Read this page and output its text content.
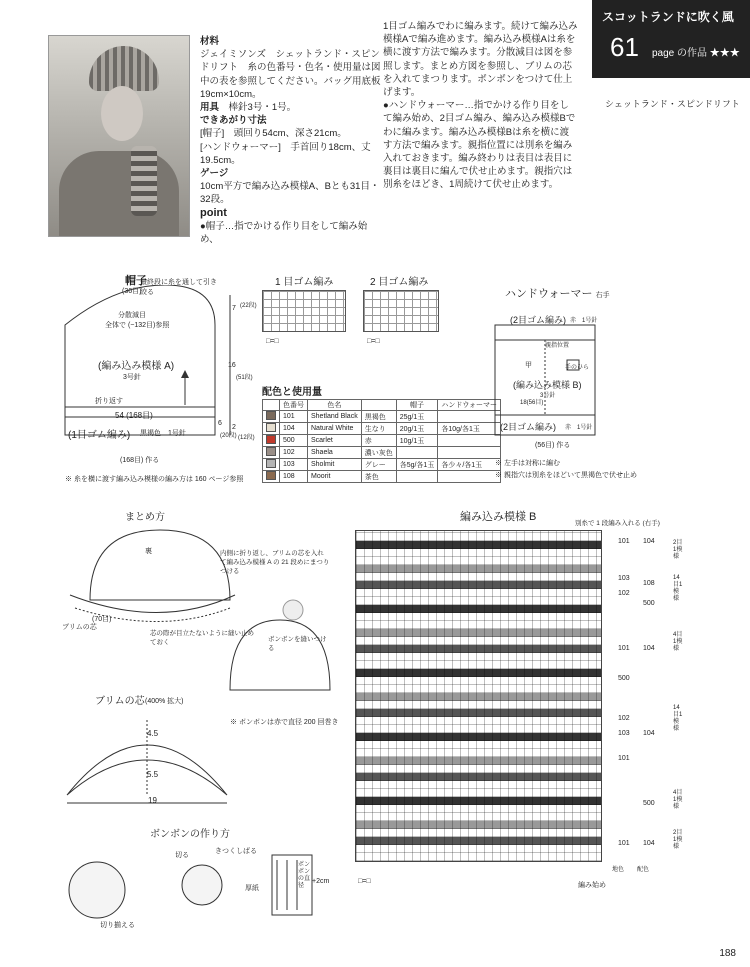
スコットランドに吹く風
61 page の作品 ★★★
シェットランド・スピンドリフト
材料
ジェイミソンズ　シェットランド・スピンドリフト　糸の色番号・色名・使用量は図中の表を参照してください。バッグ用底板19cm×10cm。
用具　 棒針3号・1号。
できあがり寸法
[帽子]　頭回り54cm、深さ21cm。
[ハンドウォーマー]　手首回り18cm、丈19.5cm。
ゲージ
10cm平方で編み込み模様A、Bとも31目・32段。
point
●帽子…指でかける作り目をして編み始め、
1目ゴム編みでわに編みます。続けて編み込み模様Aで編み進めます。編み込み模様Aは糸を横に渡す方法で編みます。分散減目は図を参照します。まとめ方図を参照し、ブリムの芯を入れてまつります。ボンボンをつけて仕上げます。
●ハンドウォーマー…指でかける作り目をして編み始め、2目ゴム編み、編み込み模様Bでわに編みます。編み込み模様Bは糸を横に渡す方法で編みます。親指位置には別糸を編み入れておきます。編み終わりは表目は表目に裏目は裏目に編んで伏せ止めます。親指穴は別糸をほどき、1周続けて伏せ止めます。
帽子
最終段に糸を通して引き絞る
(36目)
分散減目
全体で (−132目)参照
(編み込み模様 A)
3号針
折り返す
54 (168目)
(1目ゴム編み) 黒褐色　1号針
(168目) 作る
7 (22段)
16
(51段)
6
(20段)
2
(12段)
※ 糸を横に渡す編み込み模様の編み方は 160 ページ参照
1 目ゴム編み
□=□
2 目ゴム編み
□=□
配色と使用量
	色番号	色名		帽子	ハンドウォーマー
	101	Shetland Black	黒褐色	25g/1玉	
	104	Natural White	生なり	20g/1玉	各10g/各1玉
	500	Scarlet	赤	10g/1玉	
	102	Shaela	濃い灰色		
	103	Sholmit	グレー	各5g/各1玉	各少々/各1玉
	108	Moorit	茶色		
ハンドウォーマー 右手
(2目ゴム編み) 赤　1号針
親指位置
甲	手のひら
(編み込み模様 B)
3号針
18(56目)
(2目ゴム編み) 赤　1号針
(56目) 作る
※ 左手は対称に編む
※ 親指穴は別糸をほどいて黒褐色で伏せ止め
まとめ方
裏	内側に折り返し、ブリムの芯を入れて編み込み模様 A の 21 段めにまつりつける
ブリムの芯
(70目)
芯の際が目立たないように縫い止めておく	ボンボンを縫いつける
※ ボンボンは赤で直径 200 回巻き
ブリムの芯 (400% 拡大)
4.5
5.5
19
ボンボンの作り方
切る
きつくしばる
切り揃える
厚紙
ボンボンの直径
+2cm
編み込み模様 B
別糸で 1 段編み入れる (右手)
101 104
103
108
102
500
101 104
500
102
103
101
104
500
101 104
2目1模様
14目1模様
4目1模様
14目1模様
4目1模様
2目1模様
地色 配色
編み始め
□=□
188
